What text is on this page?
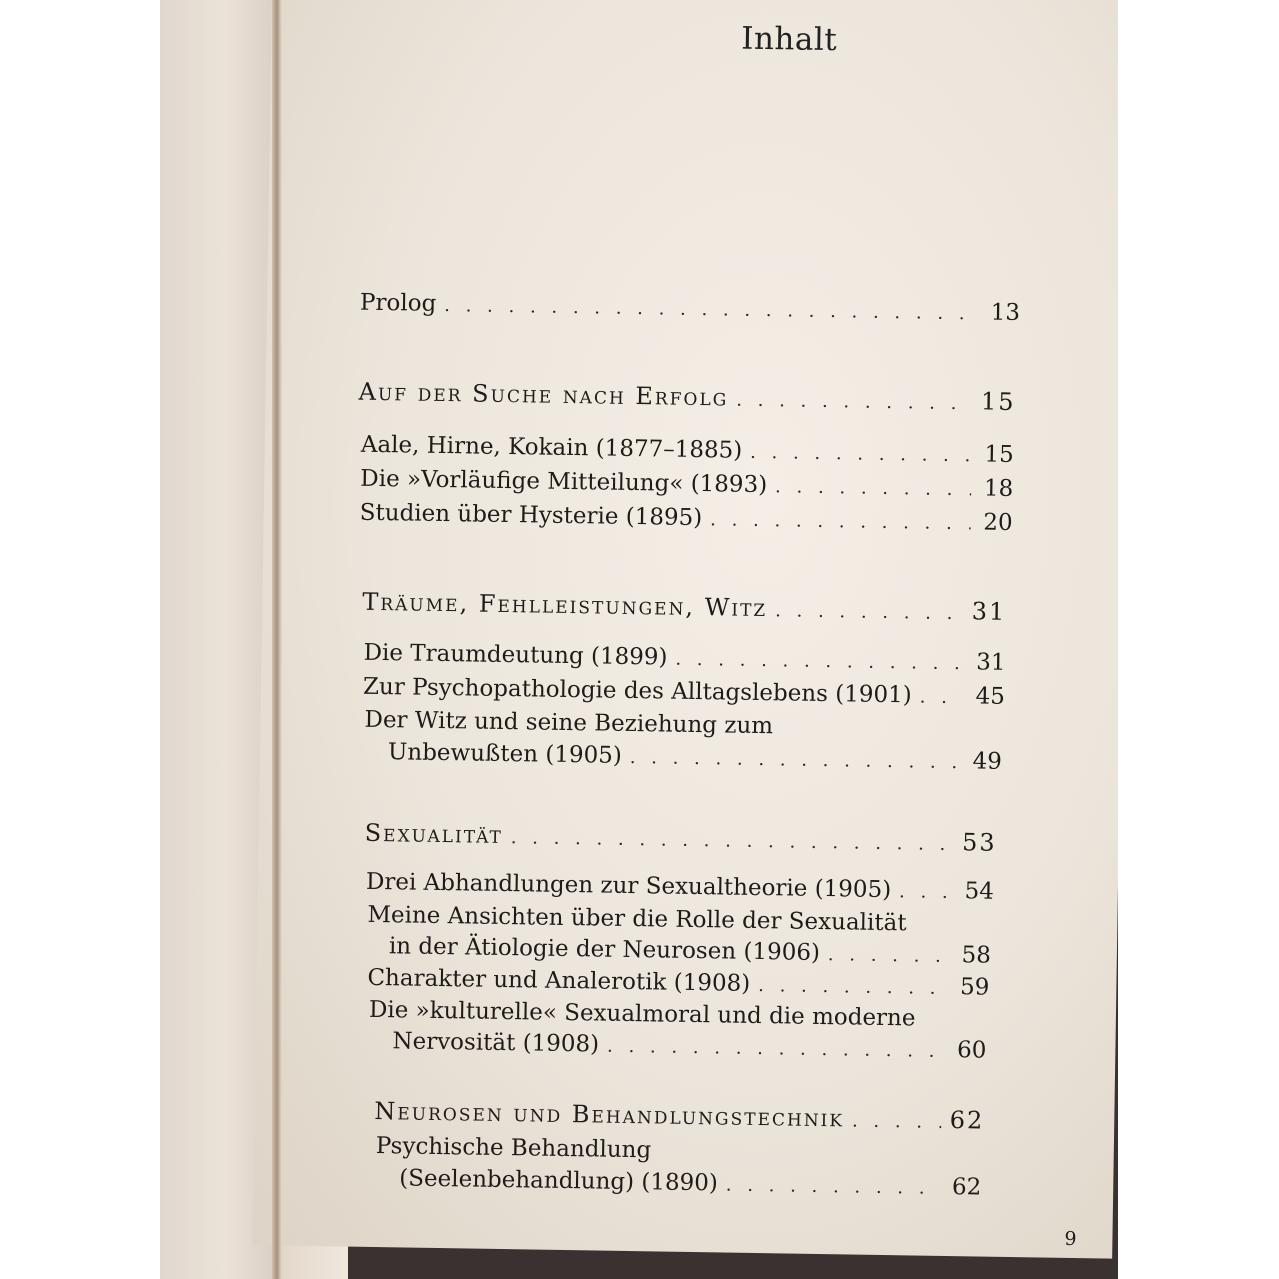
Inhalt
Prolog . . .	13
Auf der Suche nach Erfolg . . .	15
Aale, Hirne, Kokain (1877–1885) . . .	15
Die »Vorläufige Mitteilung« (1893) . . .	18
Studien über Hysterie (1895) . . .	20
Träume, Fehlleistungen, Witz . . .	31
Die Traumdeutung (1899) . . .	31
Zur Psychopathologie des Alltagslebens (1901) . . .	45
Der Witz und seine Beziehung zum
Unbewußten (1905) . . .	49
Sexualität . . .	53
Drei Abhandlungen zur Sexualtheorie (1905) . . .	54
Meine Ansichten über die Rolle der Sexualität
in der Ätiologie der Neurosen (1906) . . .	58
Charakter und Analerotik (1908) . . .	59
Die »kulturelle« Sexualmoral und die moderne
Nervosität (1908) . . .	60
Neurosen und Behandlungstechnik . . .	62
Psychische Behandlung
(Seelenbehandlung) (1890) . . .	62
9
